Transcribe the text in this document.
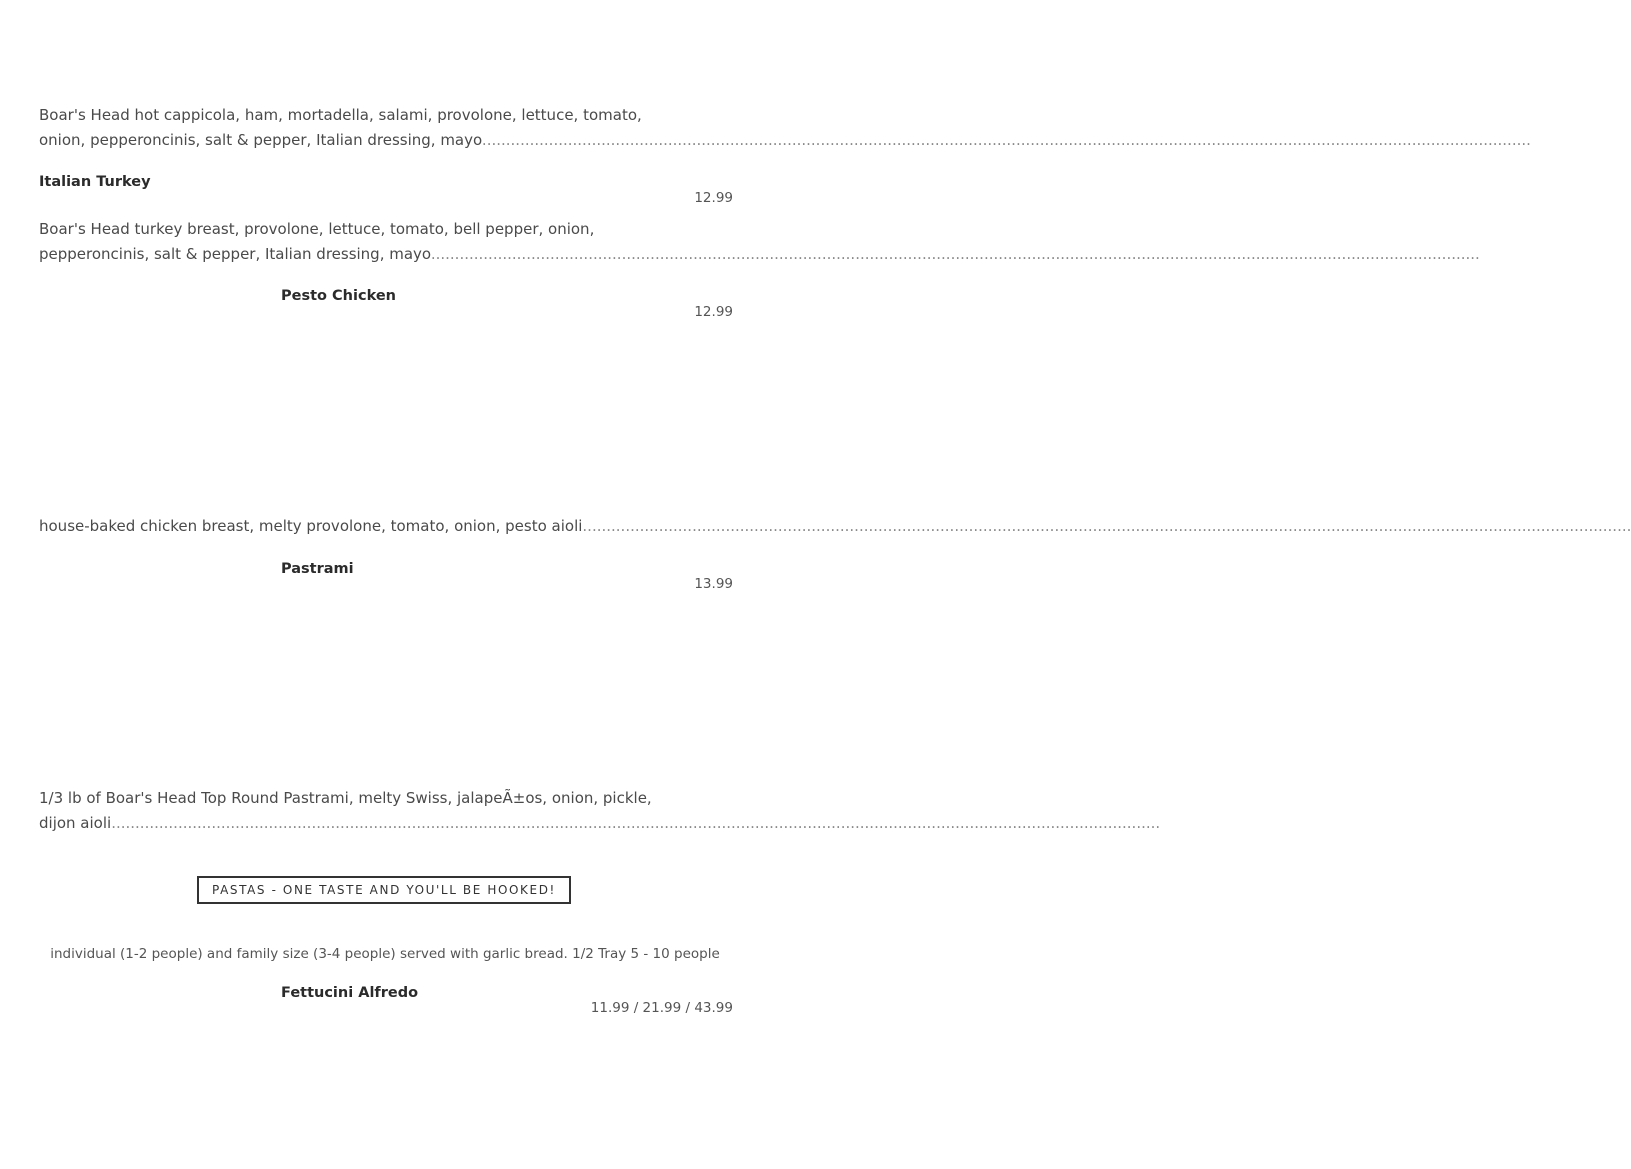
Boar's Head hot cappicola, ham, mortadella, salami, provolone, lettuce, tomato,
onion, pepperoncinis, salt & pepper, Italian dressing, mayo............................................................................................................................................................................................................................
Italian Turkey
12.99
Boar's Head turkey breast, provolone, lettuce, tomato, bell pepper, onion,
pepperoncinis, salt & pepper, Italian dressing, mayo............................................................................................................................................................................................................................
Pesto Chicken
12.99
house-baked chicken breast, melty provolone, tomato, onion, pesto aioli............................................................................................................................................................................................................................
Pastrami
13.99
1/3 lb of Boar's Head Top Round Pastrami, melty Swiss, jalapeÃ±os, onion, pickle,
dijon aioli............................................................................................................................................................................................................................
PASTAS - ONE TASTE AND YOU'LL BE HOOKED!
individual (1-2 people) and family size (3-4 people) served with garlic bread. 1/2 Tray 5 - 10 people
Fettucini Alfredo
11.99 / 21.99 / 43.99
